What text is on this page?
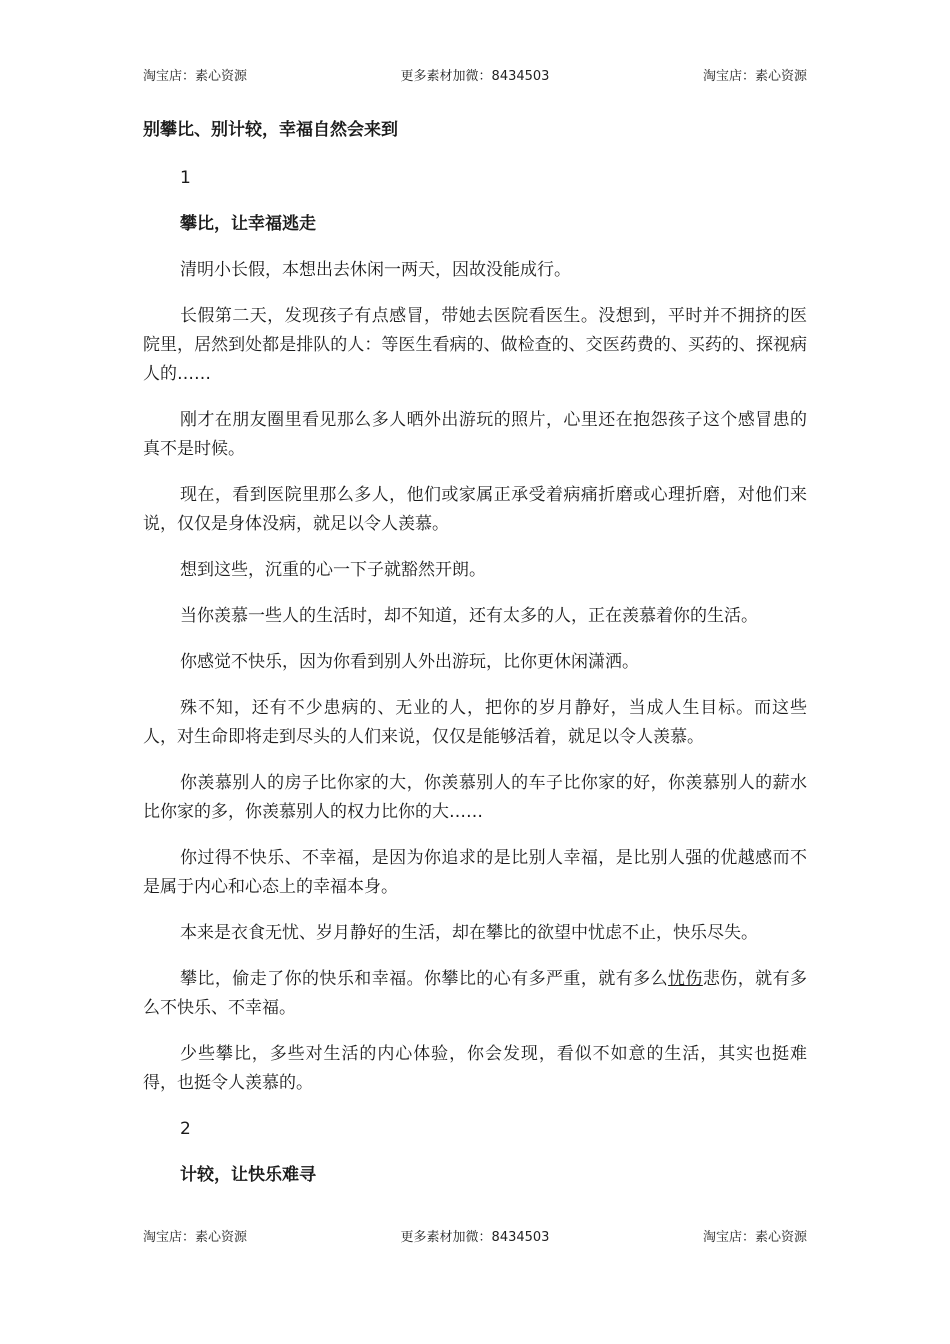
淘宝店：素心资源	更多素材加微：8434503	淘宝店：素心资源
别攀比、别计较，幸福自然会来到
1
攀比，让幸福逃走
清明小长假，本想出去休闲一两天，因故没能成行。
长假第二天，发现孩子有点感冒，带她去医院看医生。没想到，平时并不拥挤的医院里，居然到处都是排队的人：等医生看病的、做检查的、交医药费的、买药的、探视病人的……
刚才在朋友圈里看见那么多人晒外出游玩的照片，心里还在抱怨孩子这个感冒患的真不是时候。
现在，看到医院里那么多人，他们或家属正承受着病痛折磨或心理折磨，对他们来说，仅仅是身体没病，就足以令人羡慕。
想到这些，沉重的心一下子就豁然开朗。
当你羡慕一些人的生活时，却不知道，还有太多的人，正在羡慕着你的生活。
你感觉不快乐，因为你看到别人外出游玩，比你更休闲潇洒。
殊不知，还有不少患病的、无业的人，把你的岁月静好，当成人生目标。而这些人，对生命即将走到尽头的人们来说，仅仅是能够活着，就足以令人羡慕。
你羡慕别人的房子比你家的大，你羡慕别人的车子比你家的好，你羡慕别人的薪水比你家的多，你羡慕别人的权力比你的大……
你过得不快乐、不幸福，是因为你追求的是比别人幸福，是比别人强的优越感而不是属于内心和心态上的幸福本身。
本来是衣食无忧、岁月静好的生活，却在攀比的欲望中忧虑不止，快乐尽失。
攀比，偷走了你的快乐和幸福。你攀比的心有多严重，就有多么忧伤悲伤，就有多么不快乐、不幸福。
少些攀比，多些对生活的内心体验，你会发现，看似不如意的生活，其实也挺难得，也挺令人羡慕的。
2
计较，让快乐难寻
淘宝店：素心资源	更多素材加微：8434503	淘宝店：素心资源
